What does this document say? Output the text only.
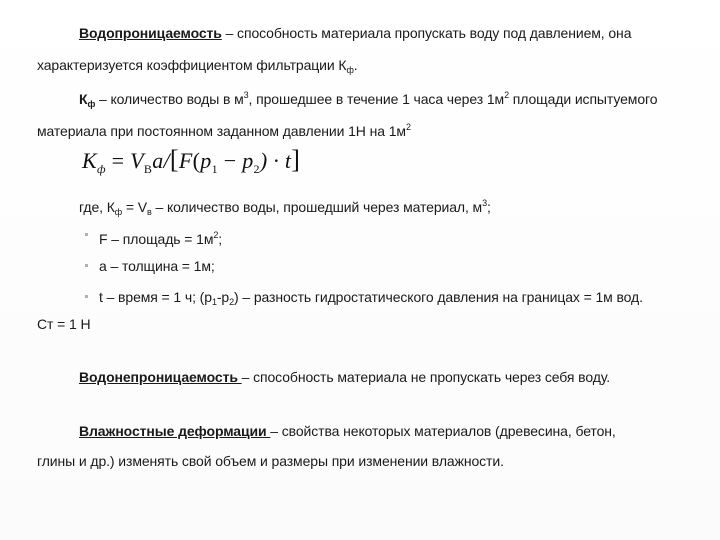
Водопроницаемость – способность материала пропускать воду под давлением, она
характеризуется коэффициентом фильтрации $К_ф$.
$К_ф$ – количество воды в $м^3$, прошедшее в течение 1 часа через $1м^2$ площади испытуемого
материала при постоянном заданном давлении 1Н на $1м^2$
$K_ф = V_Вa/[F(p_1 - p_2) \cdot t]$
где, $К_ф = V_в$ – количество воды, прошедший через материал, $м^3$;
F – площадь = $1м^2$;
a – толщина = 1м;
t – время = 1 ч; $(p_1-p_2)$ – разность гидростатического давления на границах = 1м вод.
Ст = 1 Н
Водонепроницаемость – способность материала не пропускать через себя воду.
Влажностные деформации – свойства некоторых материалов (древесина, бетон,
глины и др.) изменять свой объем и размеры при изменении влажности.
